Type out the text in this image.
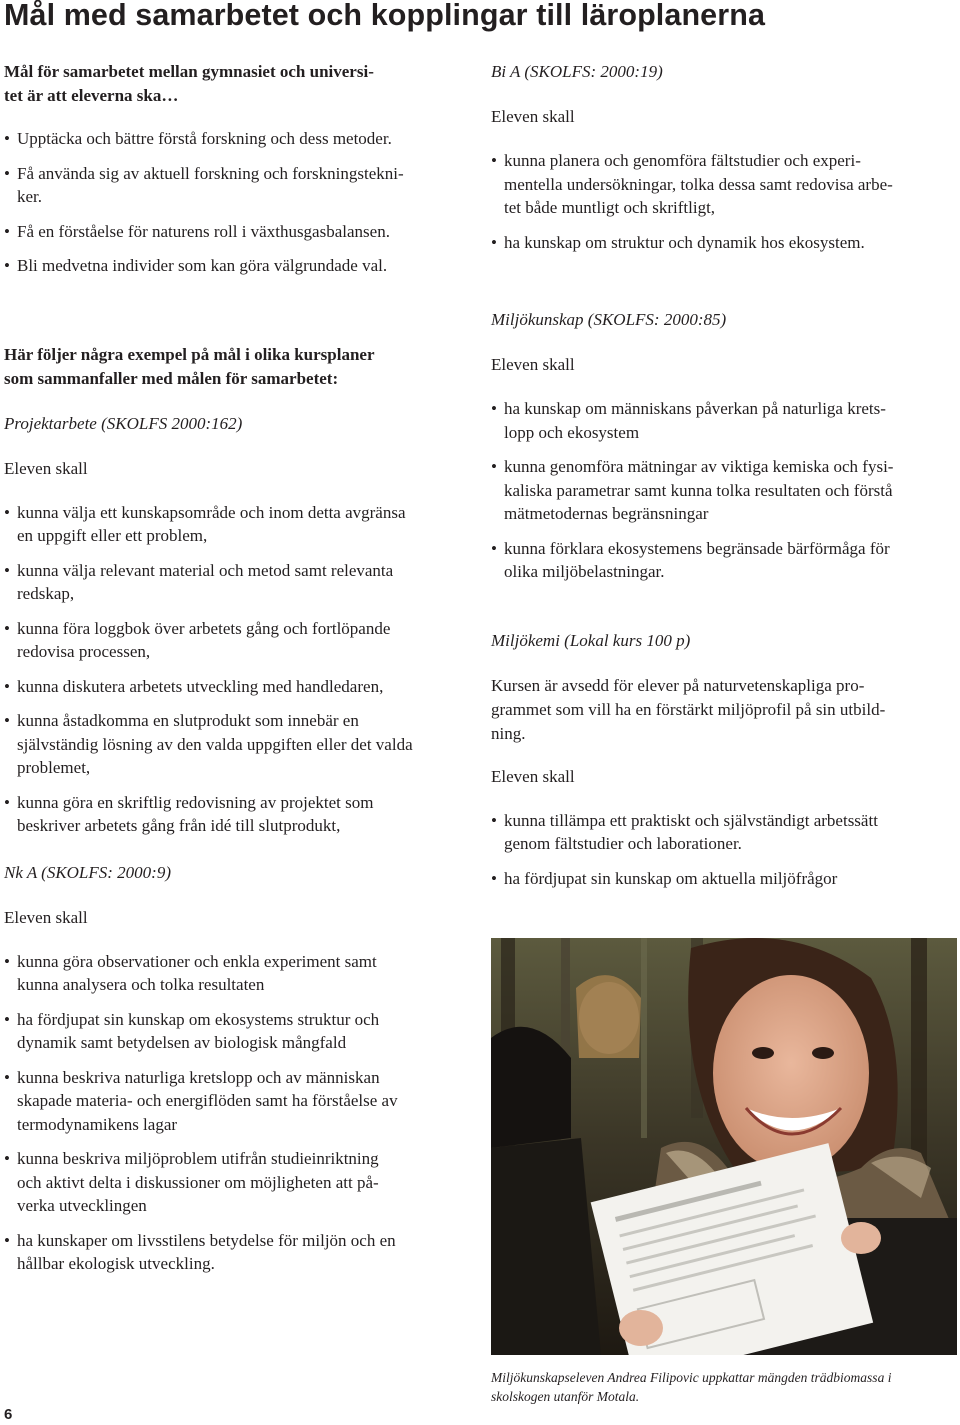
Mål med samarbetet och kopplingar till läroplanerna

Mål för samarbetet mellan gymnasiet och universi-
tet är att eleverna ska…

• Upptäcka och bättre förstå forskning och dess metoder.
• Få använda sig av aktuell forskning och forskningstekni-
ker.
• Få en förståelse för naturens roll i växthusgasbalansen.
• Bli medvetna individer som kan göra välgrundade val.

Här följer några exempel på mål i olika kursplaner
som sammanfaller med målen för samarbetet:

Projektarbete (SKOLFS 2000:162)

Eleven skall

• kunna välja ett kunskapsområde och inom detta avgränsa
en uppgift eller ett problem,
• kunna välja relevant material och metod samt relevanta
redskap,
• kunna föra loggbok över arbetets gång och fortlöpande
redovisa processen,
• kunna diskutera arbetets utveckling med handledaren,
• kunna åstadkomma en slutprodukt som innebär en
självständig lösning av den valda uppgiften eller det valda
problemet,
• kunna göra en skriftlig redovisning av projektet som
beskriver arbetets gång från idé till slutprodukt,

Nk A (SKOLFS: 2000:9)

Eleven skall

• kunna göra observationer och enkla experiment samt
kunna analysera och tolka resultaten
• ha fördjupat sin kunskap om ekosystems struktur och
dynamik samt betydelsen av biologisk mångfald
• kunna beskriva naturliga kretslopp och av människan
skapade materia- och energiflöden samt ha förståelse av
termodynamikens lagar
• kunna beskriva miljöproblem utifrån studieinriktning
och aktivt delta i diskussioner om möjligheten att på-
verka utvecklingen
• ha kunskaper om livsstilens betydelse för miljön och en
hållbar ekologisk utveckling.

Bi A (SKOLFS: 2000:19)

Eleven skall

• kunna planera och genomföra fältstudier och experi-
mentella undersökningar, tolka dessa samt redovisa arbe-
tet både muntligt och skriftligt,
• ha kunskap om struktur och dynamik hos ekosystem.

Miljökunskap (SKOLFS: 2000:85)

Eleven skall

• ha kunskap om människans påverkan på naturliga krets-
lopp och ekosystem
• kunna genomföra mätningar av viktiga kemiska och fysi-
kaliska parametrar samt kunna tolka resultaten och förstå
mätmetodernas begränsningar
• kunna förklara ekosystemens begränsade bärförmåga för
olika miljöbelastningar.

Miljökemi (Lokal kurs 100 p)

Kursen är avsedd för elever på naturvetenskapliga pro-
grammet som vill ha en förstärkt miljöprofil på sin utbild-
ning.

Eleven skall

• kunna tillämpa ett praktiskt och självständigt arbetssätt
genom fältstudier och laborationer.
• ha fördjupat sin kunskap om aktuella miljöfrågor

Miljökunskapseleven Andrea Filipovic uppkattar mängden trädbiomassa i
skolskogen utanför Motala.

6
